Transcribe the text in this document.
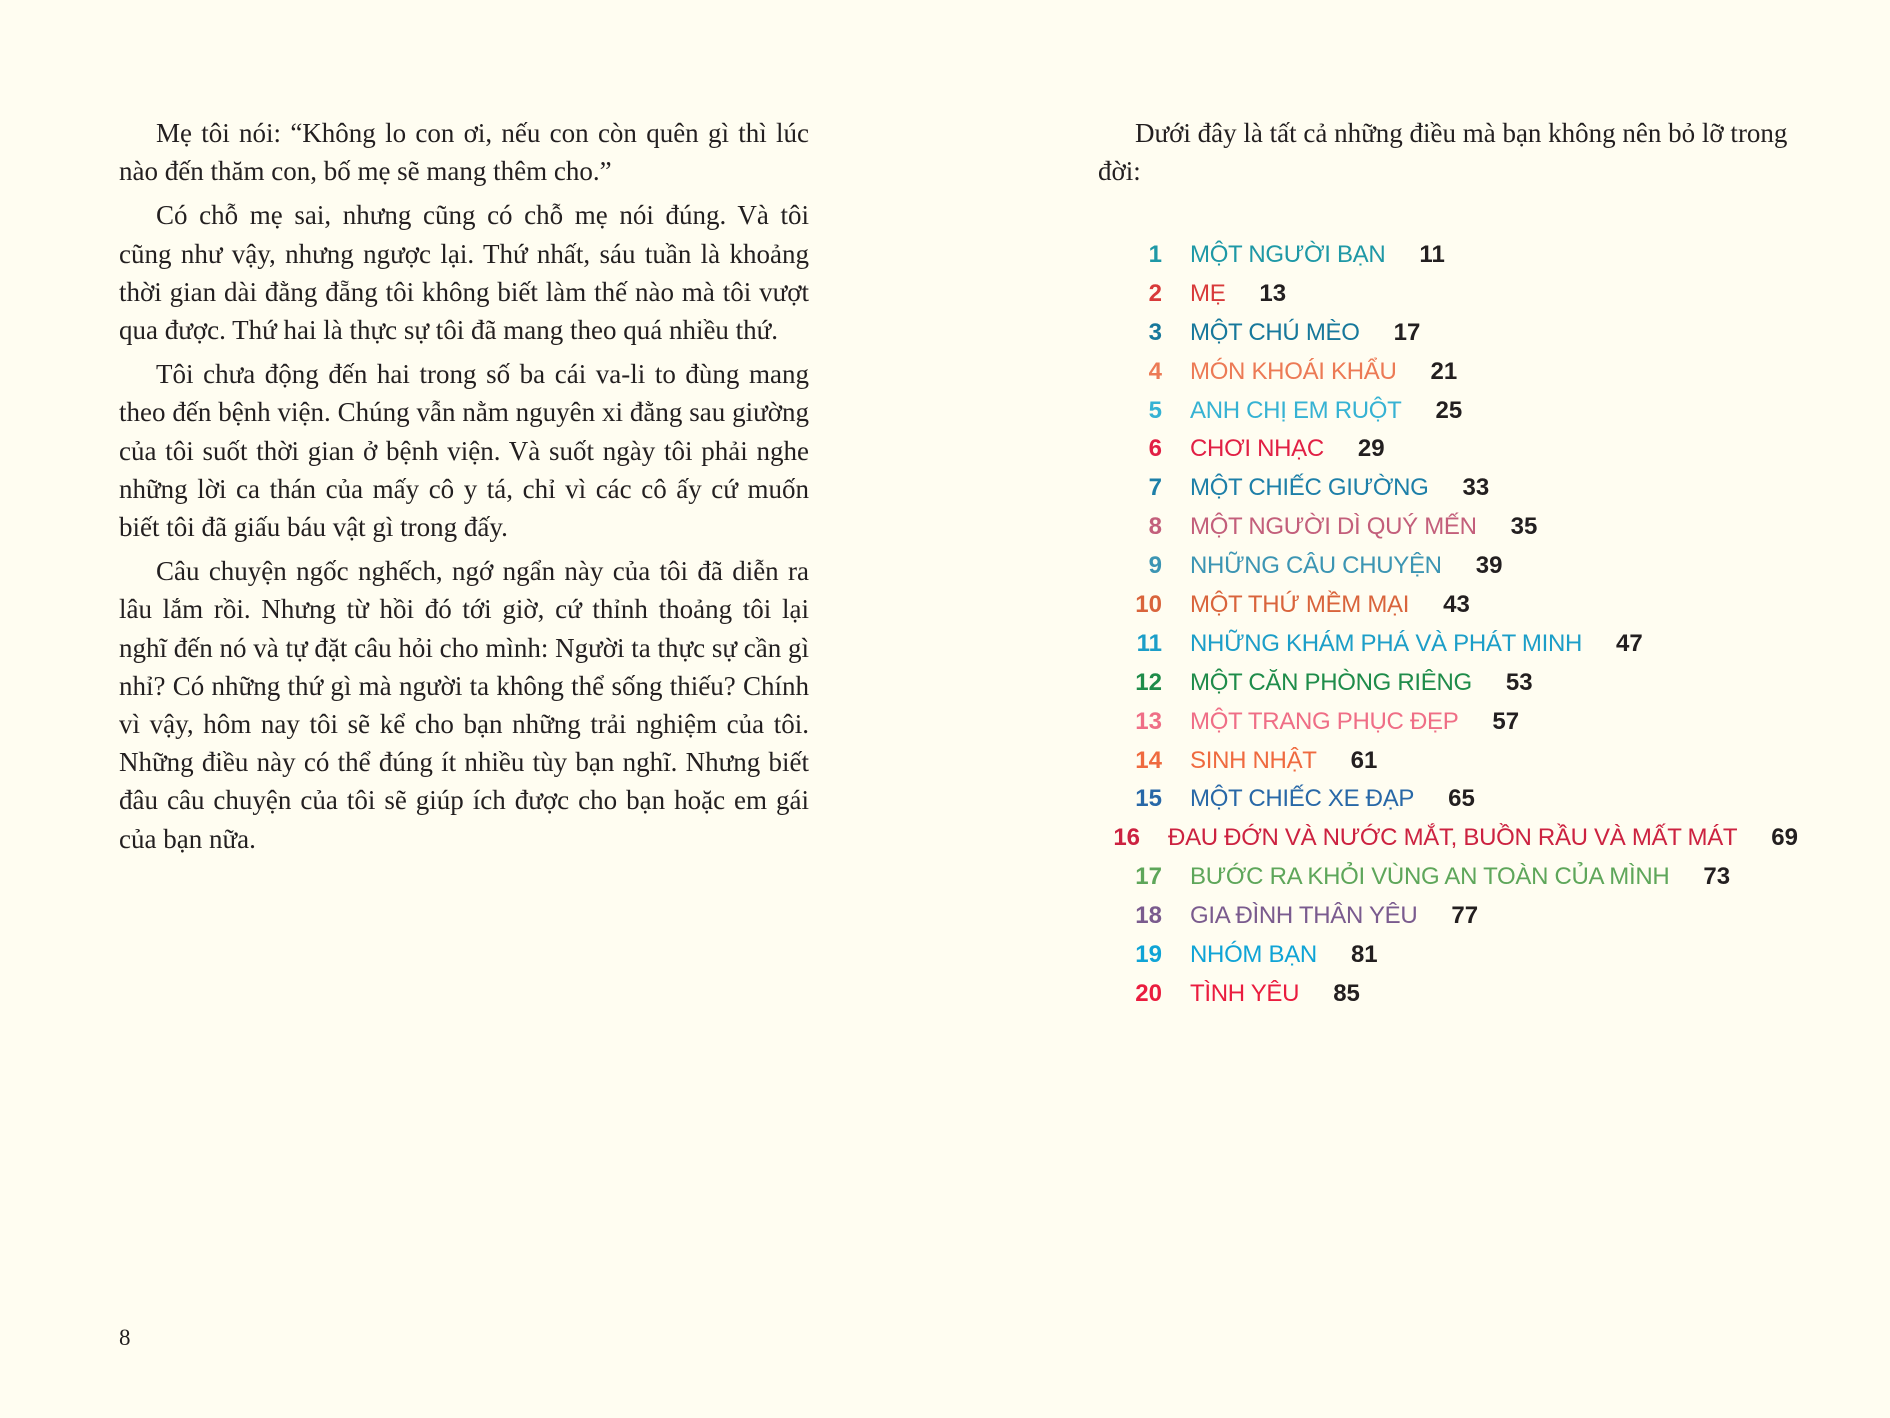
Mẹ tôi nói: “Không lo con ơi, nếu con còn quên gì thì lúc nào đến thăm con, bố mẹ sẽ mang thêm cho.”

Có chỗ mẹ sai, nhưng cũng có chỗ mẹ nói đúng. Và tôi cũng như vậy, nhưng ngược lại. Thứ nhất, sáu tuần là khoảng thời gian dài đằng đẵng tôi không biết làm thế nào mà tôi vượt qua được. Thứ hai là thực sự tôi đã mang theo quá nhiều thứ.

Tôi chưa động đến hai trong số ba cái va-li to đùng mang theo đến bệnh viện. Chúng vẫn nằm nguyên xi đằng sau giường của tôi suốt thời gian ở bệnh viện. Và suốt ngày tôi phải nghe những lời ca thán của mấy cô y tá, chỉ vì các cô ấy cứ muốn biết tôi đã giấu báu vật gì trong đấy.

Câu chuyện ngốc nghếch, ngớ ngẩn này của tôi đã diễn ra lâu lắm rồi. Nhưng từ hồi đó tới giờ, cứ thỉnh thoảng tôi lại nghĩ đến nó và tự đặt câu hỏi cho mình: Người ta thực sự cần gì nhỉ? Có những thứ gì mà người ta không thể sống thiếu? Chính vì vậy, hôm nay tôi sẽ kể cho bạn những trải nghiệm của tôi. Những điều này có thể đúng ít nhiều tùy bạn nghĩ. Nhưng biết đâu câu chuyện của tôi sẽ giúp ích được cho bạn hoặc em gái của bạn nữa.

8

Dưới đây là tất cả những điều mà bạn không nên bỏ lỡ trong đời:

1 MỘT NGƯỜI BẠN 11
2 MẸ 13
3 MỘT CHÚ MÈO 17
4 MÓN KHOÁI KHẨU 21
5 ANH CHỊ EM RUỘT 25
6 CHƠI NHẠC 29
7 MỘT CHIẾC GIƯỜNG 33
8 MỘT NGƯỜI DÌ QUÝ MẾN 35
9 NHỮNG CÂU CHUYỆN 39
10 MỘT THỨ MỀM MẠI 43
11 NHỮNG KHÁM PHÁ VÀ PHÁT MINH 47
12 MỘT CĂN PHÒNG RIÊNG 53
13 MỘT TRANG PHỤC ĐẸP 57
14 SINH NHẬT 61
15 MỘT CHIẾC XE ĐẠP 65
16 ĐAU ĐỚN VÀ NƯỚC MẮT, BUỒN RẦU VÀ MẤT MÁT 69
17 BƯỚC RA KHỎI VÙNG AN TOÀN CỦA MÌNH 73
18 GIA ĐÌNH THÂN YÊU 77
19 NHÓM BẠN 81
20 TÌNH YÊU 85
